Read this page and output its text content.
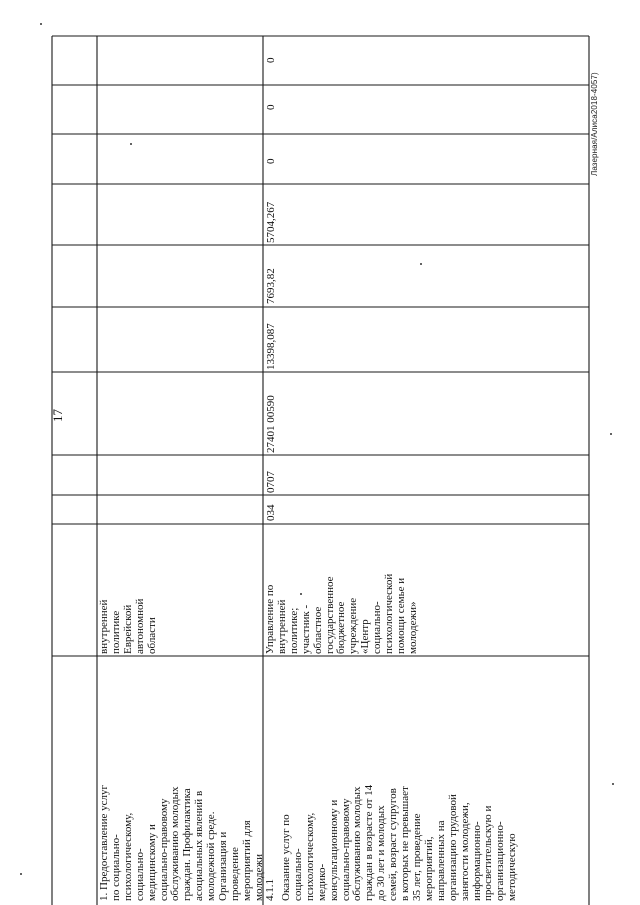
17
Лазерная/Алиса2018-4057)
1. Предоставление услуг
по социально-
психологическому,
социально-
медицинскому и
социально-правовому
обслуживанию молодых
граждан. Профилактика
асоциальных явлений в
молодежной среде.
Организация и
проведение
мероприятий для
молодежи
внутренней
политике
Еврейской
автономной
области
4.1.1 Оказание услуг по
социально-
психологическому,
медико-
консультационному и
социально-правовому
обслуживанию молодых
граждан в возрасте от 14
до 30 лет и молодых
семей, возраст супругов
в которых не превышает
35 лет, проведение
мероприятий,
направленных на
организацию трудовой
занятости молодежи,
информационно-
просветительскую и
организационно-
методическую
Управление по
внутренней
политике;
участник -
областное
государственное
бюджетное
учреждение
«Центр
социально-
психологической
помощи семье и
молодежи»
034
0707
27401 00590
13398,087
7693,82
5704,267
0
0
0
